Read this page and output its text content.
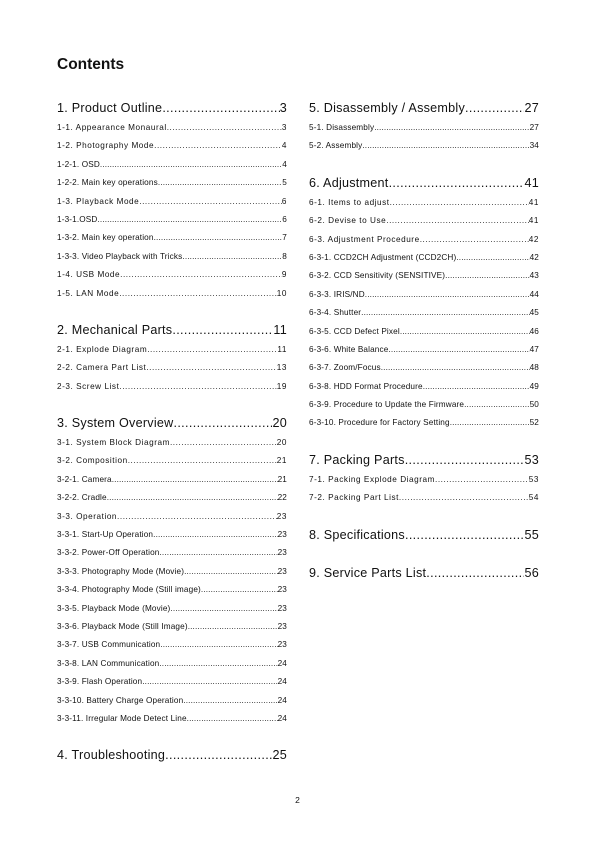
Contents
1. Product Outline .....	3
1-1. Appearance Monaural .....	3
1-2. Photography Mode .....	4
1-2-1. OSD .....	4
1-2-2. Main key operations .....	5
1-3. Playback Mode .....	6
1-3-1.OSD .....	6
1-3-2. Main key operation .....	7
1-3-3. Video Playback with Tricks .....	8
1-4. USB Mode .....	9
1-5. LAN Mode .....	10
2. Mechanical Parts .....	11
2-1. Explode Diagram .....	11
2-2. Camera Part List .....	13
2-3. Screw List .....	19
3. System Overview .....	20
3-1. System Block Diagram .....	20
3-2. Composition .....	21
3-2-1. Camera .....	21
3-2-2. Cradle .....	22
3-3. Operation .....	23
3-3-1. Start-Up Operation .....	23
3-3-2. Power-Off Operation .....	23
3-3-3. Photography Mode (Movie) .....	23
3-3-4. Photography Mode (Still image) .....	23
3-3-5. Playback Mode (Movie) .....	23
3-3-6. Playback Mode (Still Image) .....	23
3-3-7. USB Communication .....	23
3-3-8. LAN Communication .....	24
3-3-9. Flash Operation .....	24
3-3-10. Battery Charge Operation .....	24
3-3-11. Irregular Mode Detect Line .....	24
4. Troubleshooting .....	25
5. Disassembly / Assembly .....	27
5-1. Disassembly .....	27
5-2. Assembly .....	34
6. Adjustment .....	41
6-1. Items to adjust .....	41
6-2. Devise to Use .....	41
6-3. Adjustment Procedure .....	42
6-3-1. CCD2CH Adjustment (CCD2CH) .....	42
6-3-2. CCD Sensitivity (SENSITIVE) .....	43
6-3-3. IRIS/ND .....	44
6-3-4. Shutter .....	45
6-3-5. CCD Defect Pixel .....	46
6-3-6. White Balance .....	47
6-3-7. Zoom/Focus .....	48
6-3-8. HDD Format Procedure .....	49
6-3-9. Procedure to Update the Firmware .....	50
6-3-10. Procedure for Factory Setting .....	52
7. Packing Parts .....	53
7-1. Packing Explode Diagram .....	53
7-2. Packing Part List .....	54
8. Specifications .....	55
9. Service Parts List .....	56
2
